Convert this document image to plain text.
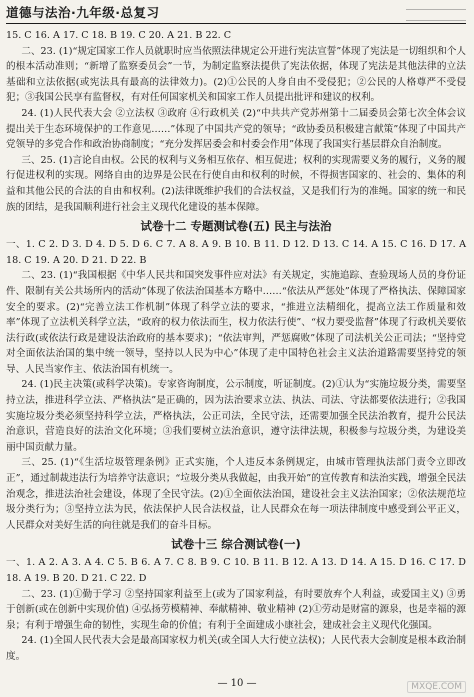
道德与法治·九年级·总复习

15. C 16. A 17. C 18. B 19. C 20. A 21. B 22. C

二、23. (1)“规定国家工作人员就职时应当依照法律规定公开进行宪法宣誓”体现了宪法是一切组织和个人的根本活动准则；“新增了监察委员会”一节，为制定监察法提供了宪法依据，体现了宪法是其他法律的立法基础和立法依据(或宪法具有最高的法律效力)。(2)①公民的人身自由不受侵犯；②公民的人格尊严不受侵犯；③我国公民享有监督权，有对任何国家机关和国家工作人员提出批评和建议的权利。

24. (1)人民代表大会 ②立法权 ③政府 ④行政机关 (2)“中共共产党苏州第十二届委员会第七次全体会议提出关于生态环境保护的工作意见……”体现了中国共产党的领导；“政协委员积极建言献策”体现了中国共产党领导的多党合作和政治协商制度；“充分发挥居委会和村委会作用”体现了我国实行基层群众自治制度。

三、25. (1)言论自由权。公民的权利与义务相互依存、相互促进；权利的实现需要义务的履行，义务的履行促进权利的实现。网络自由的边界是公民在行使自由和权利的时候，不得损害国家的、社会的、集体的利益和其他公民的合法的自由和权利。(2)法律既维护我们的合法权益，又是我们行为的准绳。国家的统一和民族的团结，是我国顺利进行社会主义现代化建设的基本保障。

试卷十二 专题测试卷(五) 民主与法治

一、1. C 2. D 3. D 4. D 5. D 6. C 7. A 8. A 9. B 10. B 11. D 12. D 13. C 14. A 15. C 16. D 17. A 18. C 19. A 20. D 21. D 22. B

二、23. (1)“我国根据《中华人民共和国突发事件应对法》有关规定，实施追踪、查验现场人员的身份证件、限制有关公共场所内的活动”体现了依法治国基本方略中……“依法从严惩处”体现了严格执法、保障国家安全的要求。(2)“完善立法工作机制”体现了科学立法的要求，“推进立法精细化，提高立法工作质量和效率”体现了立法机关科学立法，“政府的权力依法而生，权力依法行使”、“权力要受监督”体现了行政机关要依法行政(或依法行政是建设法治政府的基本要求)；“依法审判，严惩腐败”体现了司法机关公正司法；“坚持党对全面依法治国的集中统一领导，坚持以人民为中心”体现了走中国特色社会主义法治道路需要坚持党的领导、人民当家作主、依法治国有机统一。

24. (1)民主决策(或科学决策)。专家咨询制度，公示制度，听证制度。(2)①认为“实施垃圾分类，需要坚持立法，推进科学立法、严格执法”是正确的，因为法治要求立法、执法、司法、守法都要依法进行；②我国实施垃圾分类必须坚持科学立法，严格执法，公正司法，全民守法，还需要加强全民法治教育，提升公民法治意识，营造良好的法治文化环境；③我们要树立法治意识，遵守法律法规，积极参与垃圾分类，为建设美丽中国贡献力量。

三、25. (1)“《生活垃圾管理条例》正式实施，个人违反本条例规定，由城市管理执法部门责令立即改正”，通过制裁违法行为培养守法意识；“垃圾分类从我做起，由我开始”的宣传教育和法治实践，增强全民法治观念，推进法治社会建设，体现了全民守法。(2)①全面依法治国，建设社会主义法治国家；②依法规范垃圾分类行为；③坚持立法为民，依法保护人民合法权益，让人民群众在每一项法律制度中感受到公平正义，人民群众对美好生活的向往就是我们的奋斗目标。

试卷十三 综合测试卷(一)

一、1. A 2. A 3. A 4. C 5. B 6. A 7. C 8. B 9. C 10. B 11. B 12. A 13. D 14. A 15. D 16. C 17. D 18. A 19. B 20. D 21. C 22. D

二、23. (1)①勤于学习 ②坚持国家利益至上(或为了国家利益，有时要放弃个人利益，或爱国主义) ③勇于创新(或在创新中实现价值) ④弘扬劳模精神、奉献精神、敬业精神 (2)①劳动是财富的源泉，也是幸福的源泉；有利于增强生命的韧性，实现生命的价值；有利于全面建成小康社会，建成社会主义现代化强国。

24. (1)全国人民代表大会是最高国家权力机关(或全国人大行使立法权)；人民代表大会制度是根本政治制度。

— 10 —	MXQE.COM
